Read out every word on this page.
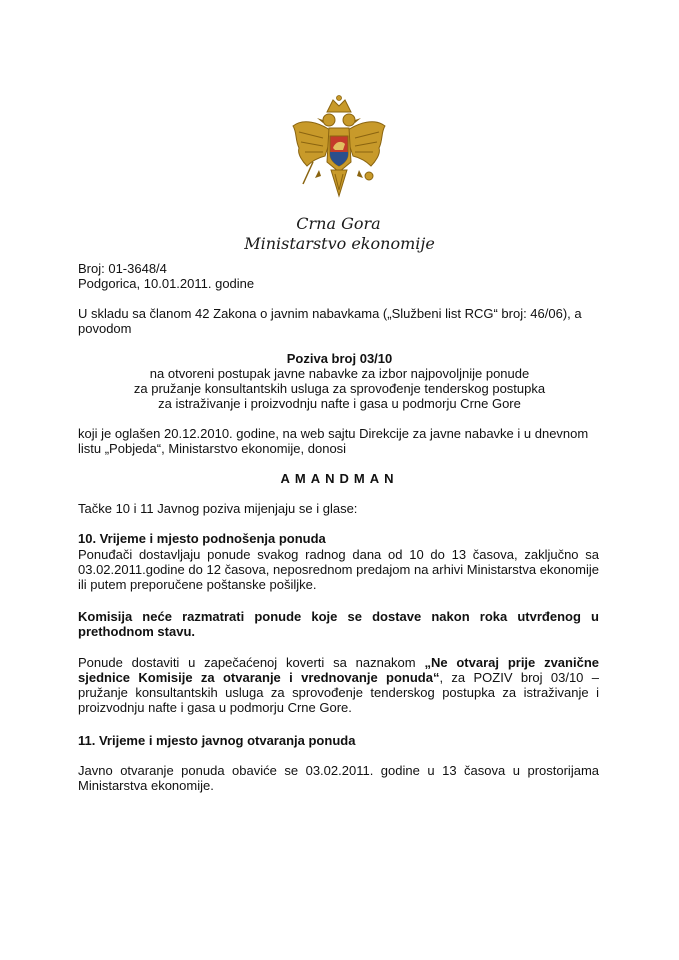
Crna Gora
Ministarstvo ekonomije
Broj: 01-3648/4
Podgorica, 10.01.2011. godine
U skladu sa članom 42 Zakona o javnim nabavkama („Službeni list RCG“ broj: 46/06), a
povodom
Poziva broj 03/10
na otvoreni postupak javne nabavke za izbor najpovoljnije ponude
za pružanje konsultantskih usluga za sprovođenje tenderskog postupka
za istraživanje i proizvodnju nafte i gasa u podmorju Crne Gore
koji je oglašen 20.12.2010. godine, na web sajtu Direkcije za javne nabavke i u dnevnom
listu „Pobjeda“, Ministarstvo ekonomije, donosi
AMANDMAN
Tačke 10 i 11 Javnog poziva mijenjaju se i glase:
10. Vrijeme i mjesto podnošenja ponuda
Ponuđači dostavljaju ponude svakog radnog dana od 10 do 13 časova, zaključno sa 03.02.2011.godine do 12 časova, neposrednom predajom na arhivi Ministarstva ekonomije ili putem preporučene poštanske pošiljke.
Komisija neće razmatrati ponude koje se dostave nakon roka utvrđenog u prethodnom stavu.
Ponude dostaviti u zapečaćenoj koverti sa naznakom „Ne otvaraj prije zvanične sjednice Komisije za otvaranje i vrednovanje ponuda“, za POZIV broj 03/10 – pružanje konsultantskih usluga za sprovođenje tenderskog postupka za istraživanje i proizvodnju nafte i gasa u podmorju Crne Gore.
11. Vrijeme i mjesto javnog otvaranja ponuda
Javno otvaranje ponuda obaviće se 03.02.2011. godine u 13 časova u prostorijama Ministarstva ekonomije.
